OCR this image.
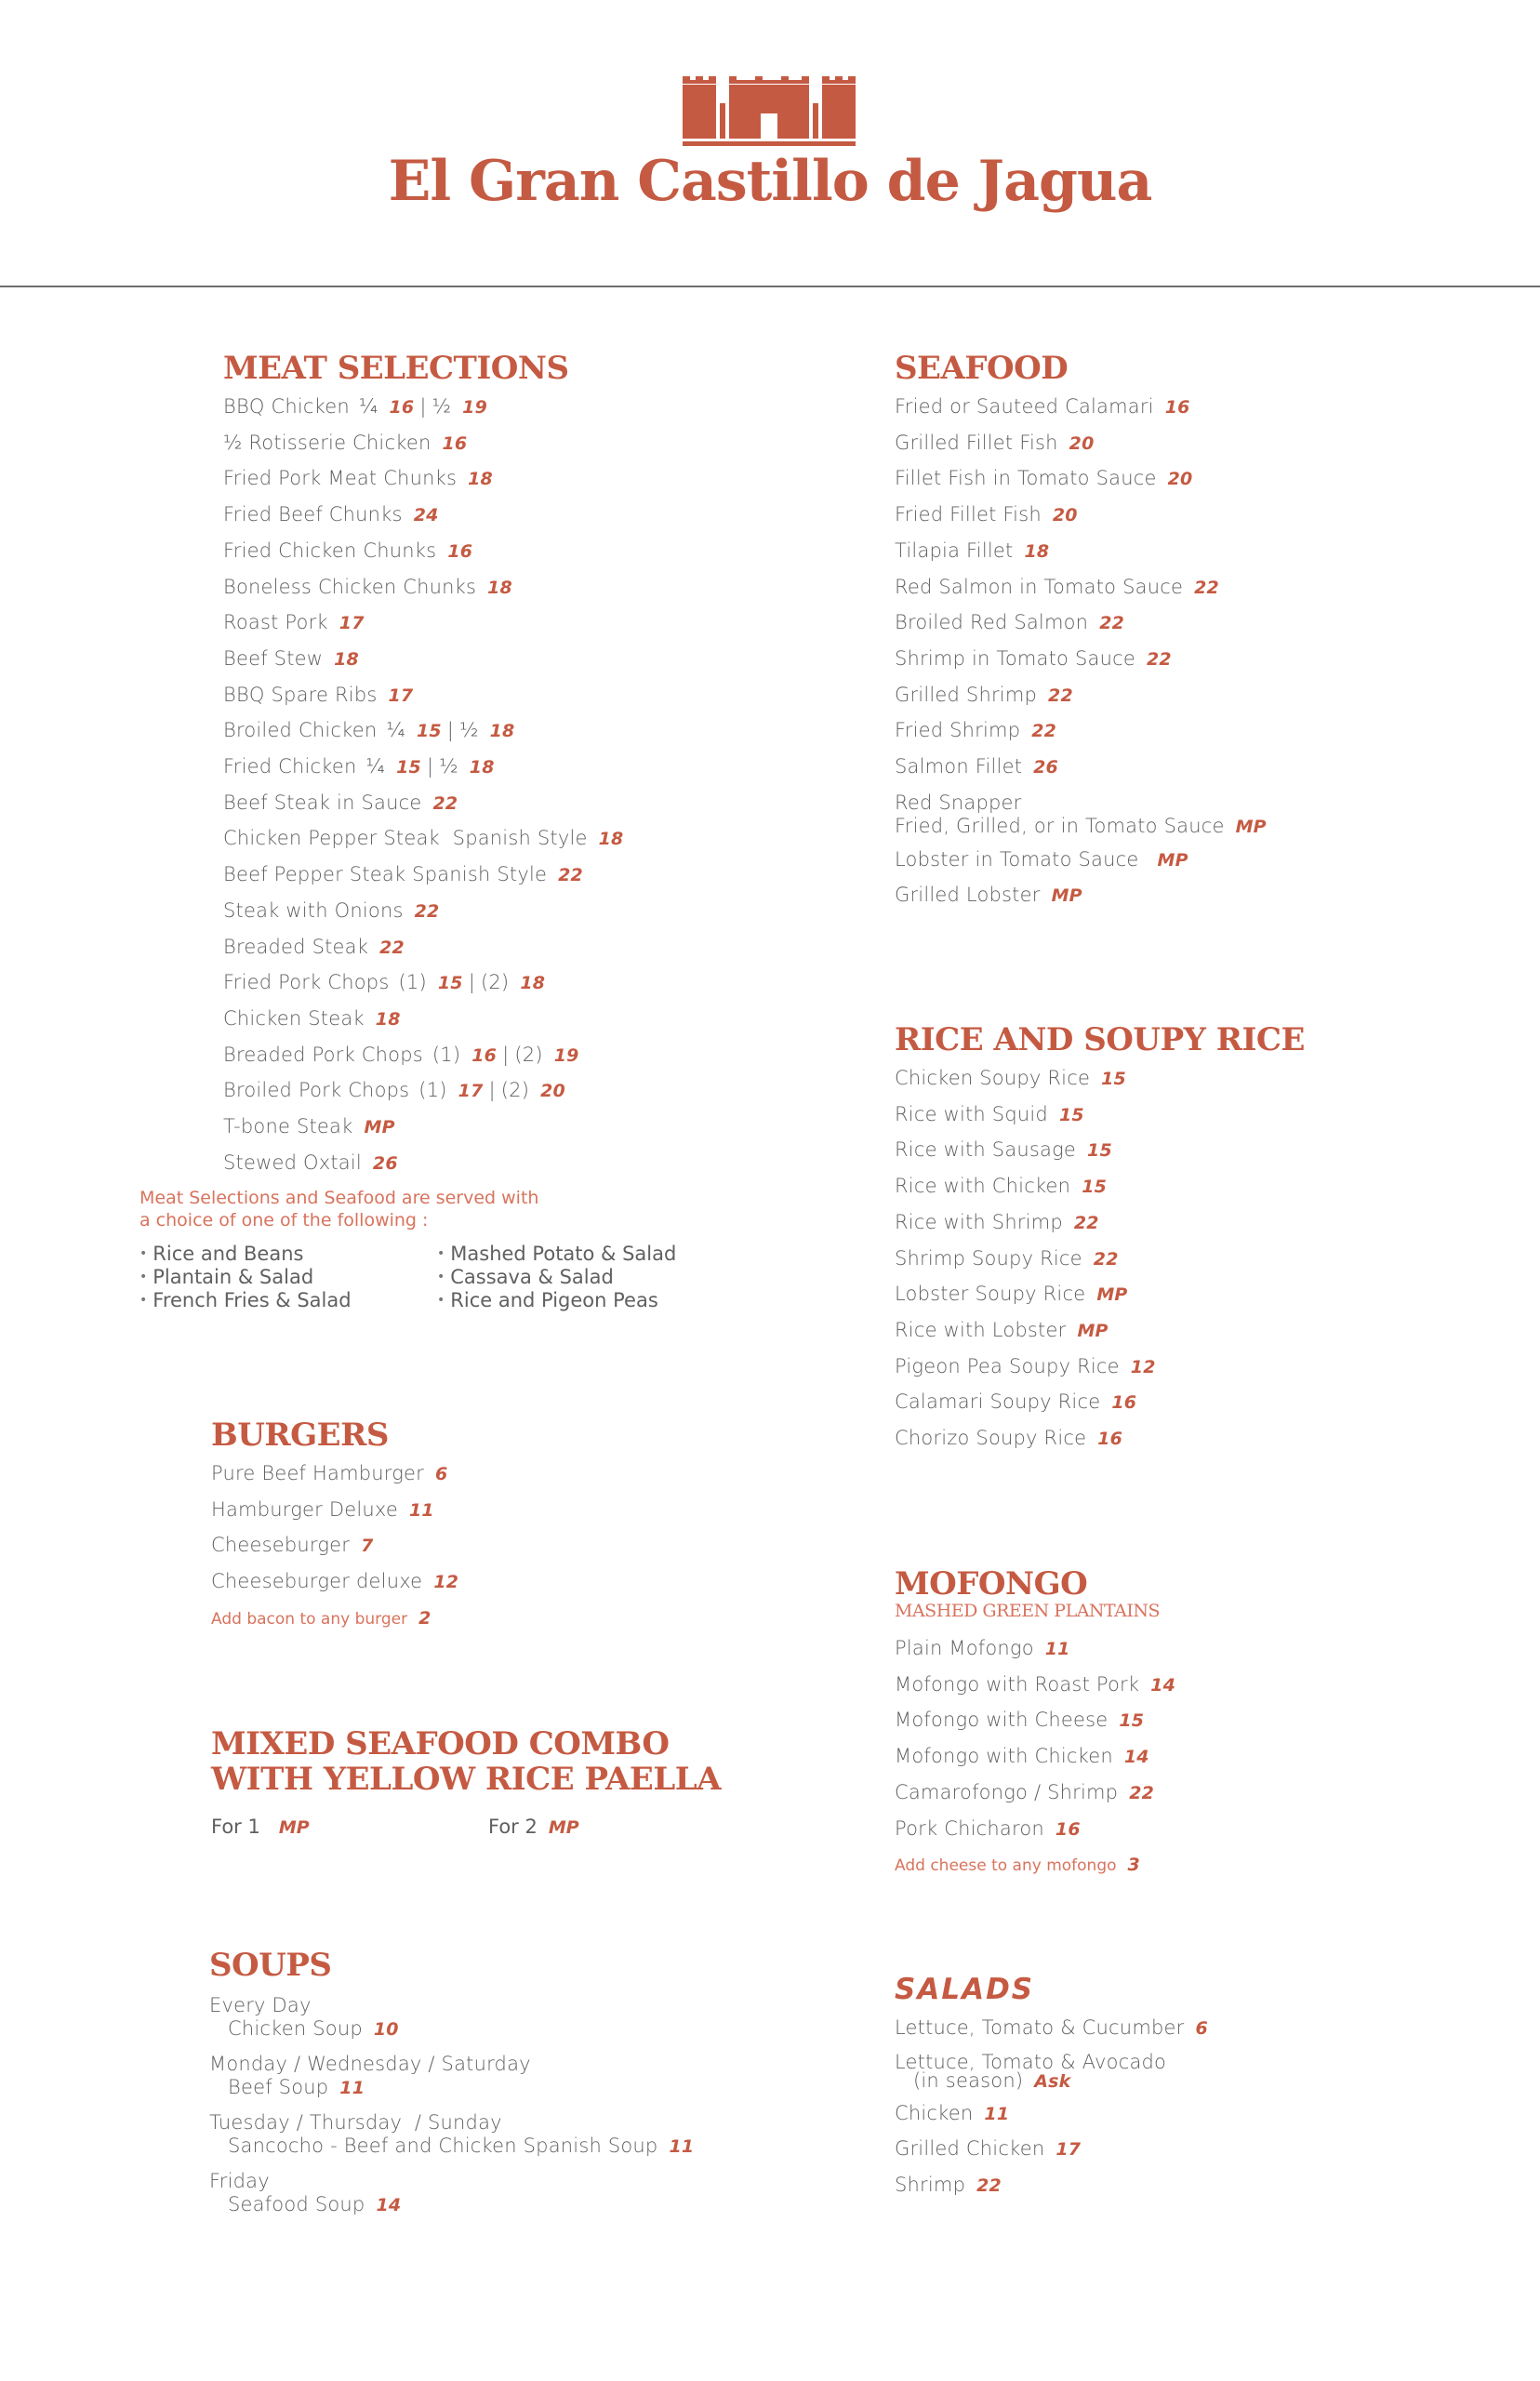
El Gran Castillo de Jagua
MEAT SELECTIONS
BBQ Chicken ¼ 16 | ½ 19
½ Rotisserie Chicken 16
Fried Pork Meat Chunks 18
Fried Beef Chunks 24
Fried Chicken Chunks 16
Boneless Chicken Chunks 18
Roast Pork 17
Beef Stew 18
BBQ Spare Ribs 17
Broiled Chicken ¼ 15 | ½ 18
Fried Chicken ¼ 15 | ½ 18
Beef Steak in Sauce 22
Chicken Pepper Steak  Spanish Style 18
Beef Pepper Steak Spanish Style 22
Steak with Onions 22
Breaded Steak 22
Fried Pork Chops (1) 15 | (2) 18
Chicken Steak 18
Breaded Pork Chops (1) 16 | (2) 19
Broiled Pork Chops (1) 17 | (2) 20
T-bone Steak MP
Stewed Oxtail 26
Meat Selections and Seafood are served with
a choice of one of the following :
• Rice and Beans
• Plantain & Salad
• French Fries & Salad
• Mashed Potato & Salad
• Cassava & Salad
• Rice and Pigeon Peas
BURGERS
Pure Beef Hamburger 6
Hamburger Deluxe 11
Cheeseburger 7
Cheeseburger deluxe 12
Add bacon to any burger 2
MIXED SEAFOOD COMBO
WITH YELLOW RICE PAELLA
For 1 MP	For 2 MP
SOUPS
Every Day
Chicken Soup 10
Monday / Wednesday / Saturday
Beef Soup 11
Tuesday / Thursday  / Sunday
Sancocho - Beef and Chicken Spanish Soup 11
Friday
Seafood Soup 14
SEAFOOD
Fried or Sauteed Calamari 16
Grilled Fillet Fish 20
Fillet Fish in Tomato Sauce 20
Fried Fillet Fish 20
Tilapia Fillet 18
Red Salmon in Tomato Sauce 22
Broiled Red Salmon 22
Shrimp in Tomato Sauce 22
Grilled Shrimp 22
Fried Shrimp 22
Salmon Fillet 26
Red Snapper
Fried, Grilled, or in Tomato Sauce MP
Lobster in Tomato Sauce MP
Grilled Lobster MP
RICE AND SOUPY RICE
Chicken Soupy Rice 15
Rice with Squid 15
Rice with Sausage 15
Rice with Chicken 15
Rice with Shrimp 22
Shrimp Soupy Rice 22
Lobster Soupy Rice MP
Rice with Lobster MP
Pigeon Pea Soupy Rice 12
Calamari Soupy Rice 16
Chorizo Soupy Rice 16
MOFONGO
MASHED GREEN PLANTAINS
Plain Mofongo 11
Mofongo with Roast Pork 14
Mofongo with Cheese 15
Mofongo with Chicken 14
Camarofongo / Shrimp 22
Pork Chicharon 16
Add cheese to any mofongo 3
SALADS
Lettuce, Tomato & Cucumber 6
Lettuce, Tomato & Avocado
(in season) Ask
Chicken 11
Grilled Chicken 17
Shrimp 22
